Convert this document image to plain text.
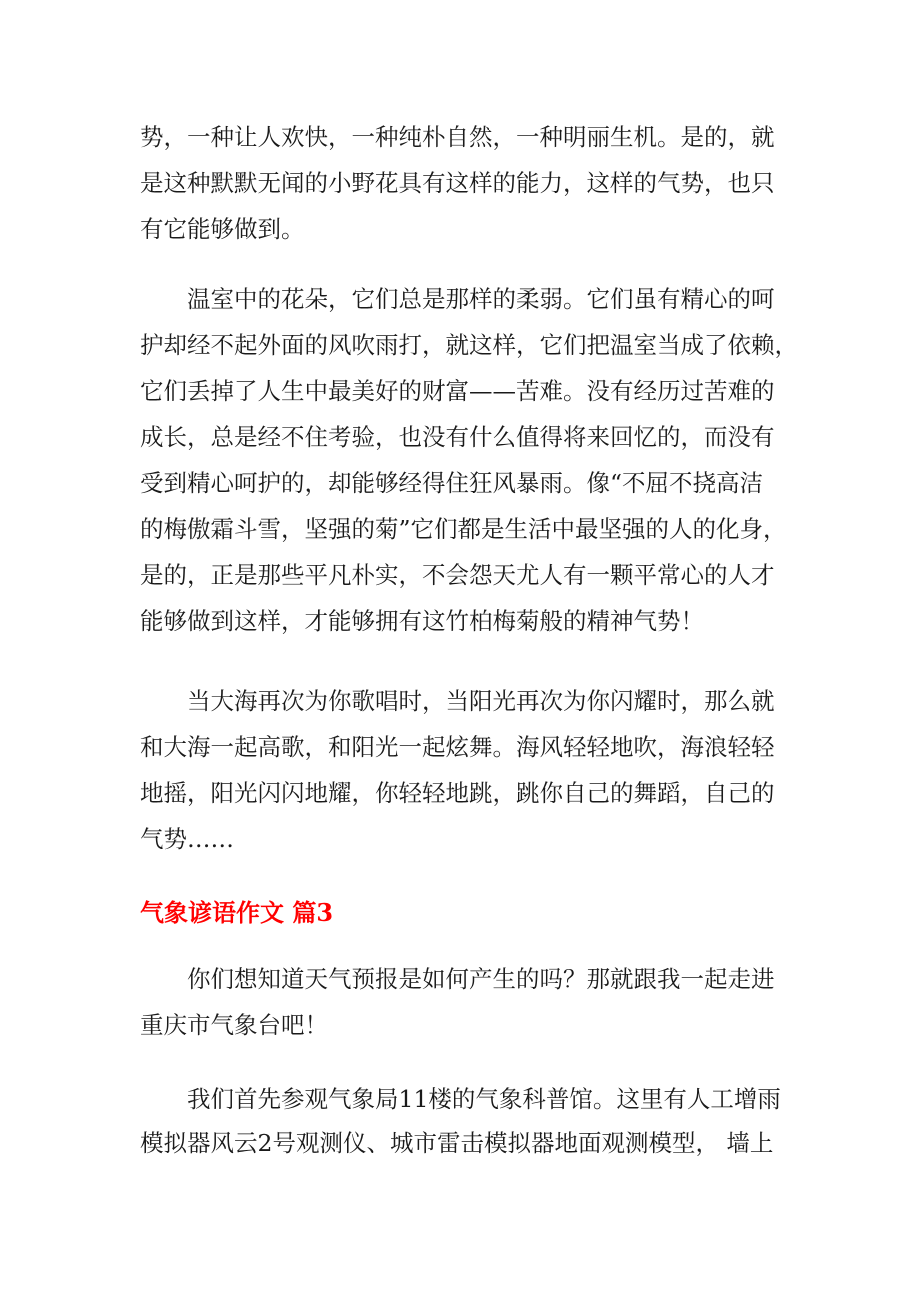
势，一种让人欢快，一种纯朴自然，一种明丽生机。是的，就
是这种默默无闻的小野花具有这样的能力，这样的气势，也只
有它能够做到。
温室中的花朵，它们总是那样的柔弱。它们虽有精心的呵
护却经不起外面的风吹雨打，就这样，它们把温室当成了依赖，
它们丢掉了人生中最美好的财富——苦难。没有经历过苦难的
成长，总是经不住考验，也没有什么值得将来回忆的，而没有
受到精心呵护的，却能够经得住狂风暴雨。像“不屈不挠高洁
的梅傲霜斗雪，坚强的菊”它们都是生活中最坚强的人的化身，
是的，正是那些平凡朴实，不会怨天尤人有一颗平常心的人才
能够做到这样，才能够拥有这竹柏梅菊般的精神气势！
当大海再次为你歌唱时，当阳光再次为你闪耀时，那么就
和大海一起高歌，和阳光一起炫舞。海风轻轻地吹，海浪轻轻
地摇，阳光闪闪地耀，你轻轻地跳，跳你自己的舞蹈，自己的
气势……
气象谚语作文 篇3
你们想知道天气预报是如何产生的吗？那就跟我一起走进
重庆市气象台吧！
我们首先参观气象局11楼的气象科普馆。这里有人工增雨
模拟器风云2号观测仪、城市雷击模拟器地面观测模型， 墙上
